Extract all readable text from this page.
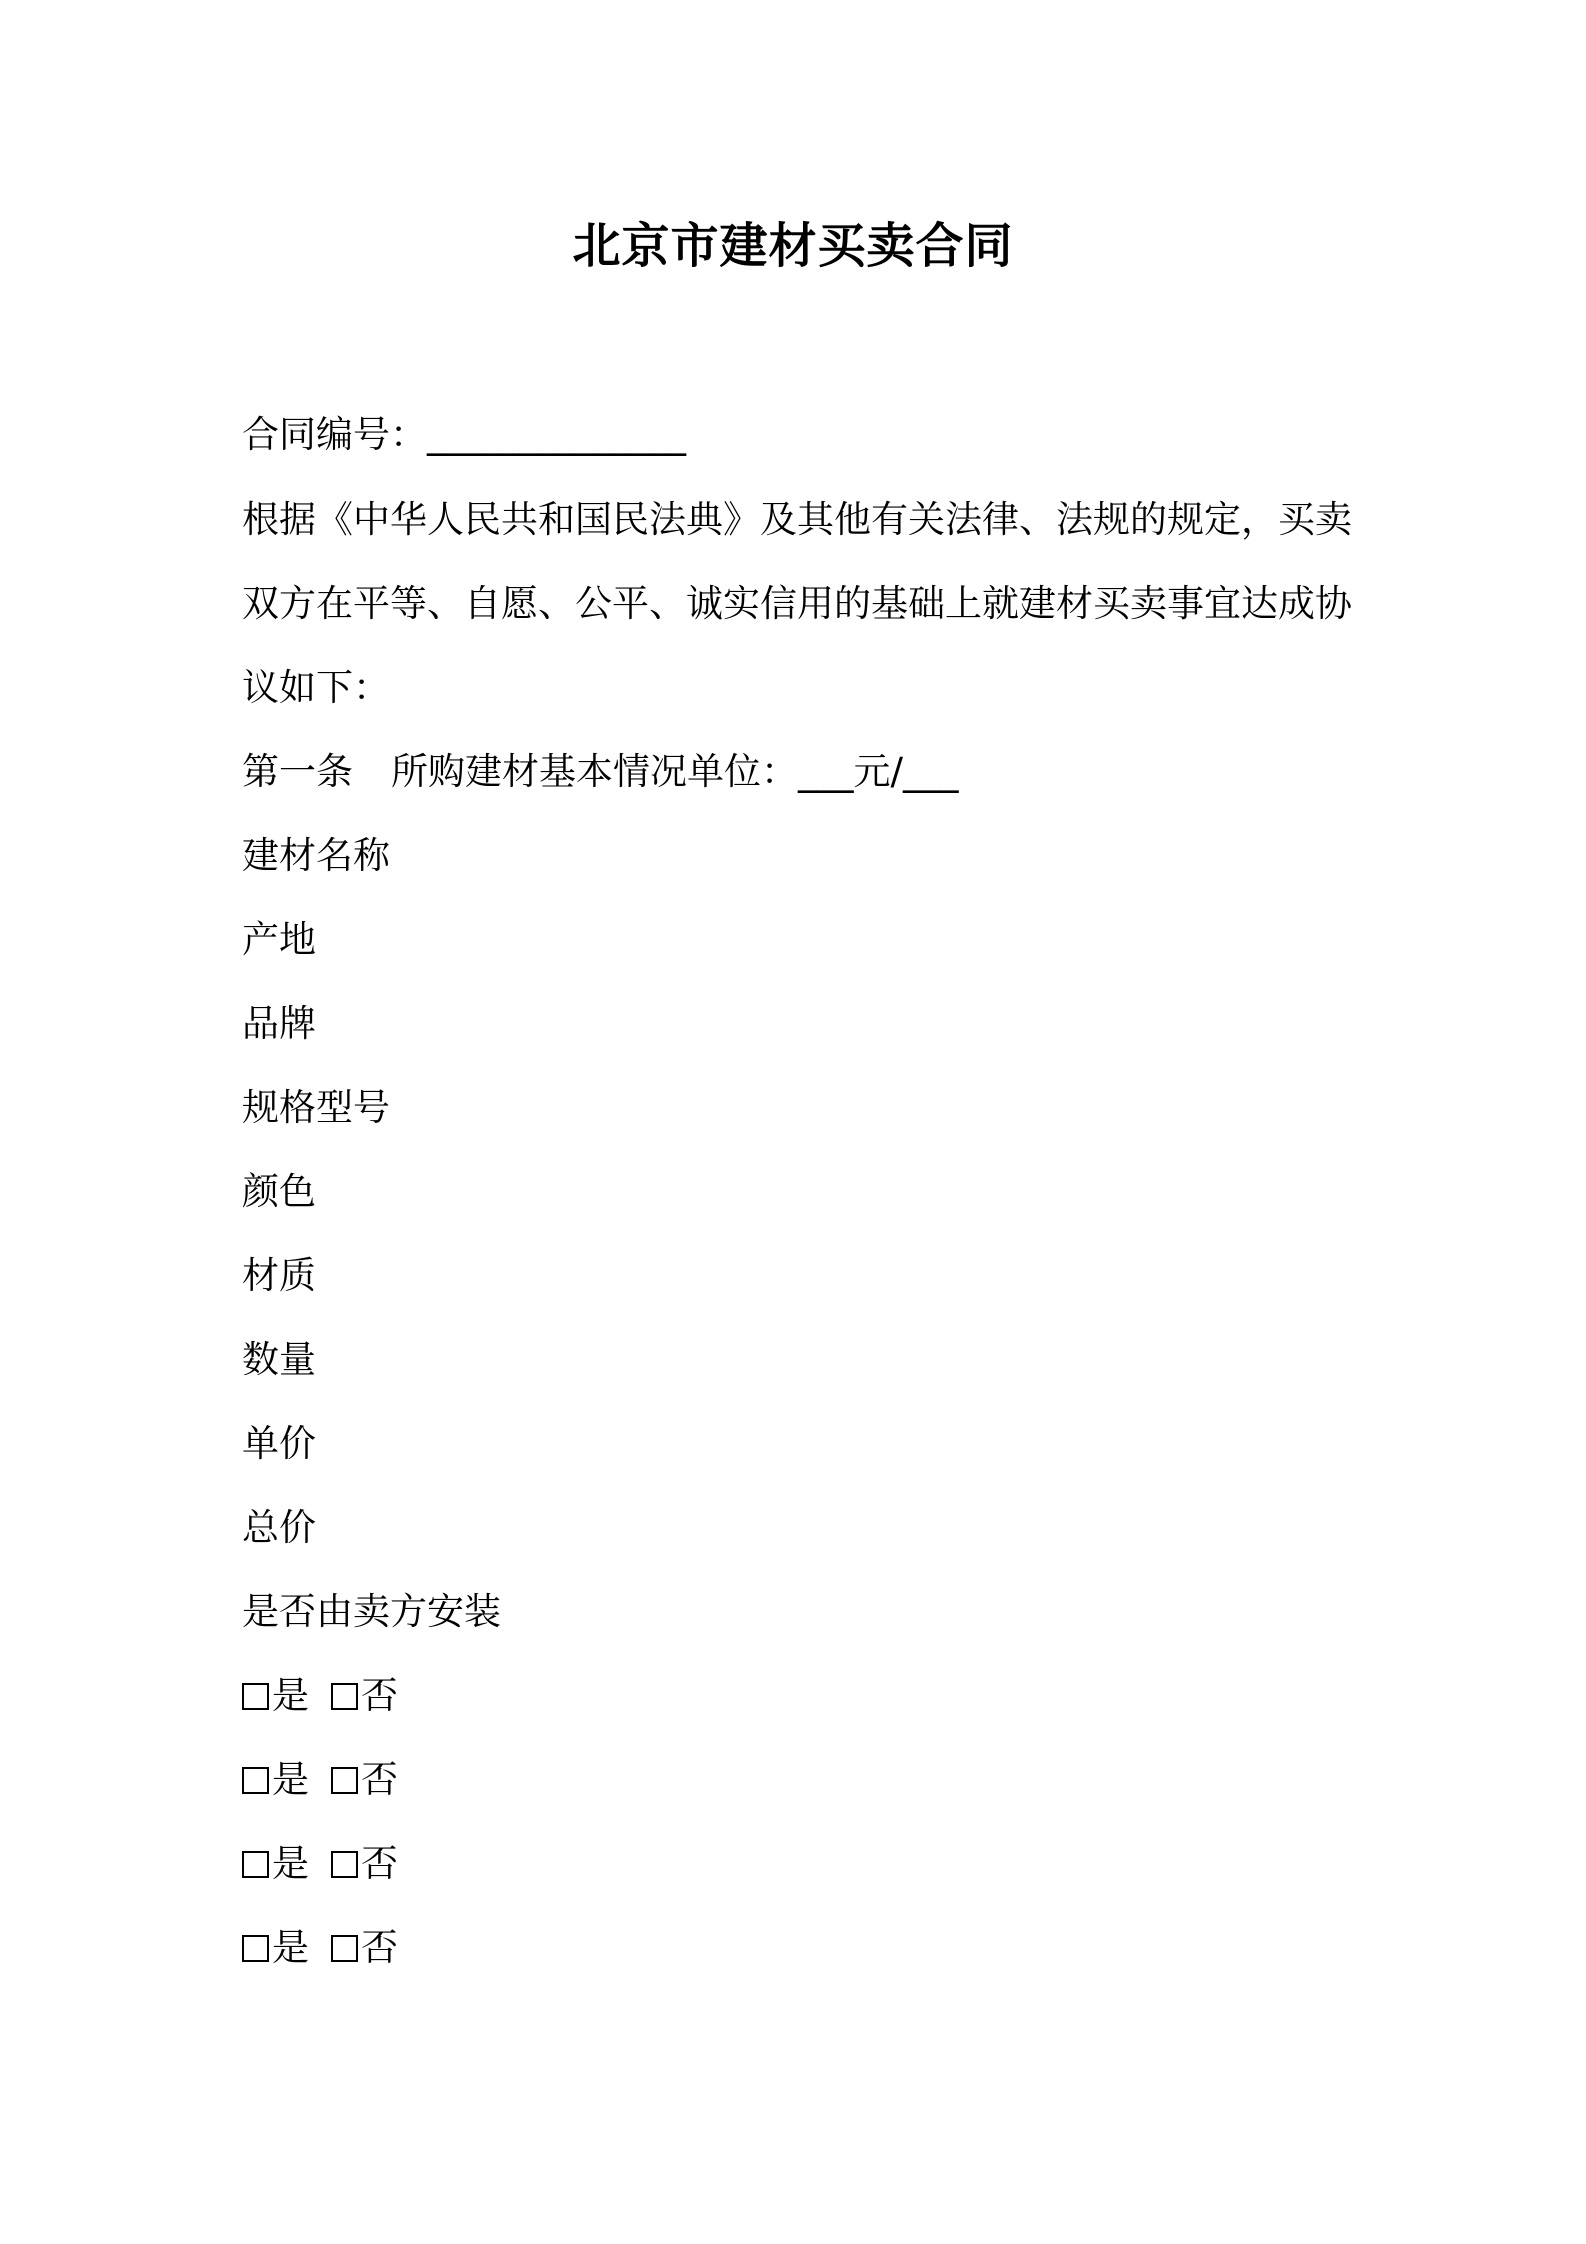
北京市建材买卖合同
合同编号：______________
根据《中华人民共和国民法典》及其他有关法律、法规的规定，买卖
双方在平等、自愿、公平、诚实信用的基础上就建材买卖事宜达成协
议如下：
第一条 所购建材基本情况单位：___元/___
建材名称
产地
品牌
规格型号
颜色
材质
数量
单价
总价
是否由卖方安装
是 否
是 否
是 否
是 否
